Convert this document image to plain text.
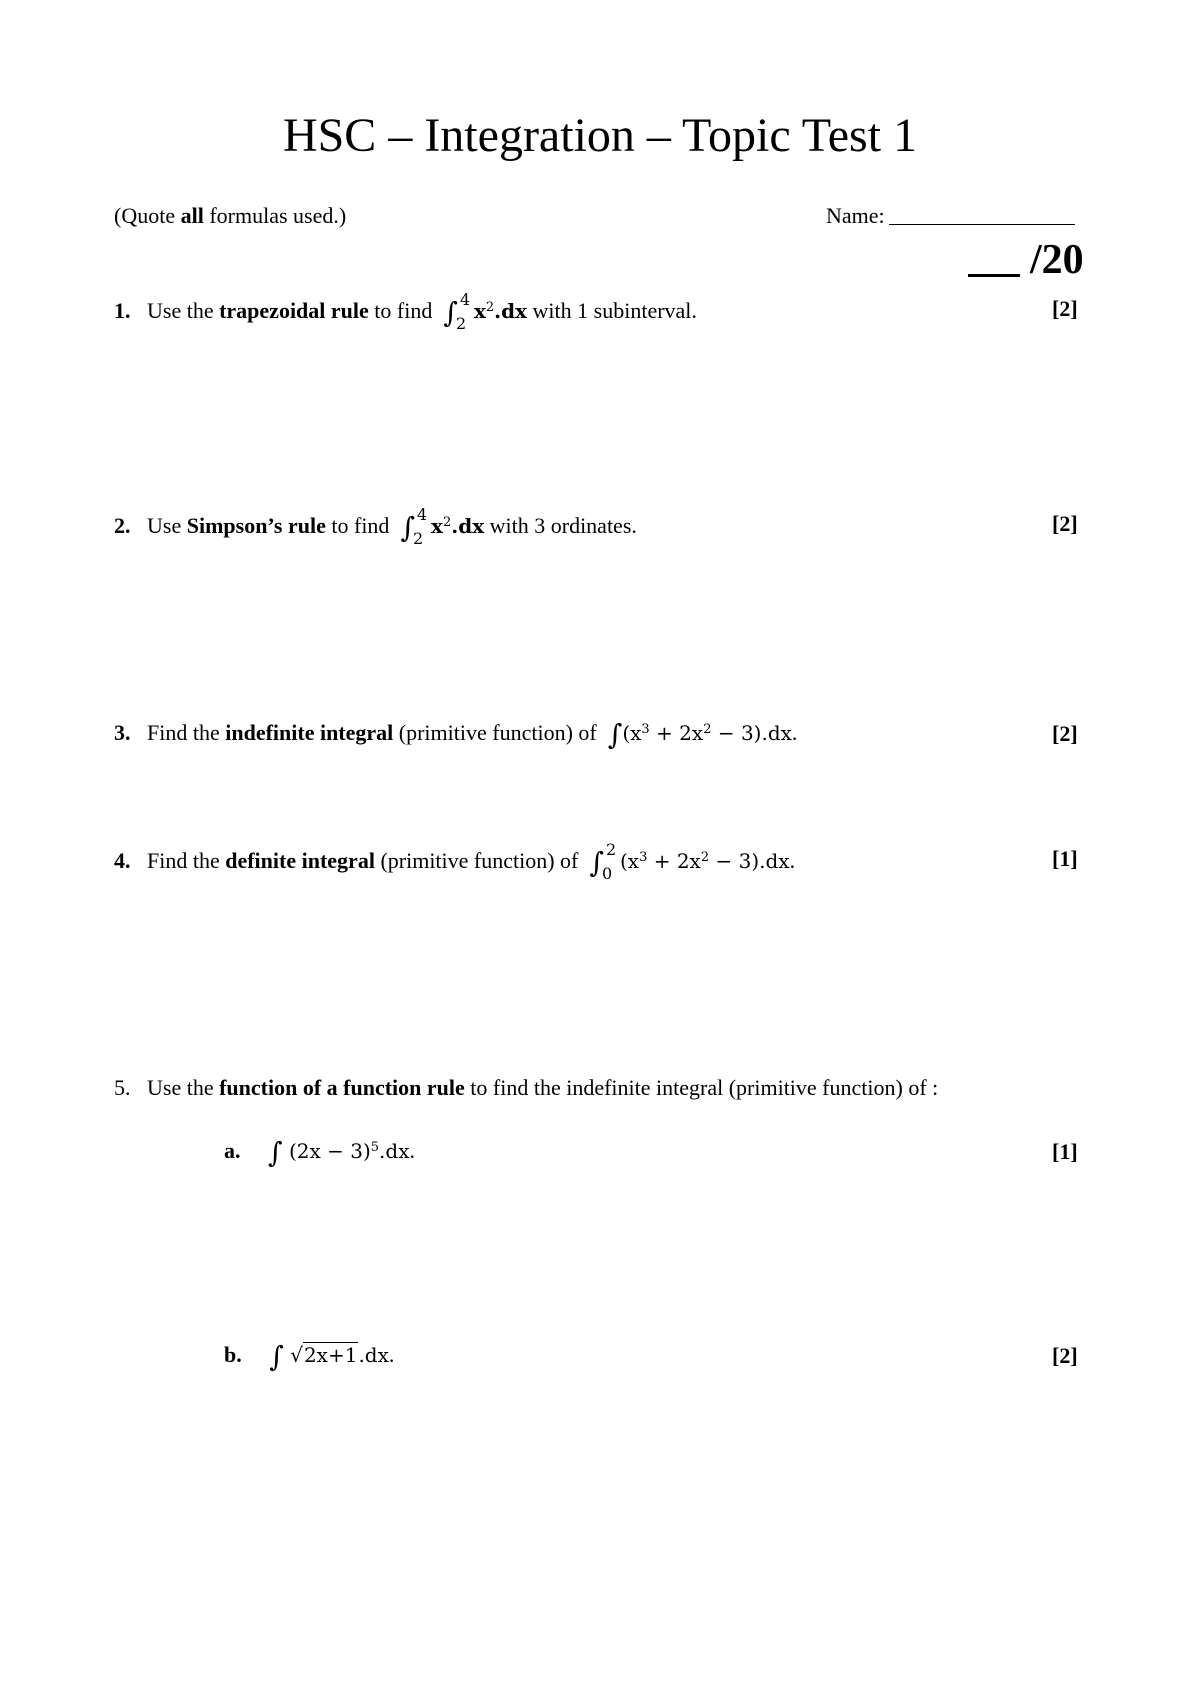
HSC – Integration – Topic Test 1
(Quote all formulas used.)	Name:
/20
1. Use the trapezoidal rule to find  ∫ 4
2
$x^2.dx$ with 1 subinterval.	[2]
2. Use Simpson’s rule to find  ∫ 4
2
$x^2.dx$ with 3 ordinates.	[2]
3. Find the indefinite integral (primitive function) of  $\int(x^3 + 2x^2 - 3).dx$.	[2]
4. Find the definite integral (primitive function) of  ∫ 2
0
$(x^3 + 2x^2 - 3).dx$.	[1]
5. Use the function of a function rule to find the indefinite integral (primitive function) of :
a. ∫ $(2x - 3)^5.dx$.	[1]
b. ∫ √2x+1.dx.	[2]
